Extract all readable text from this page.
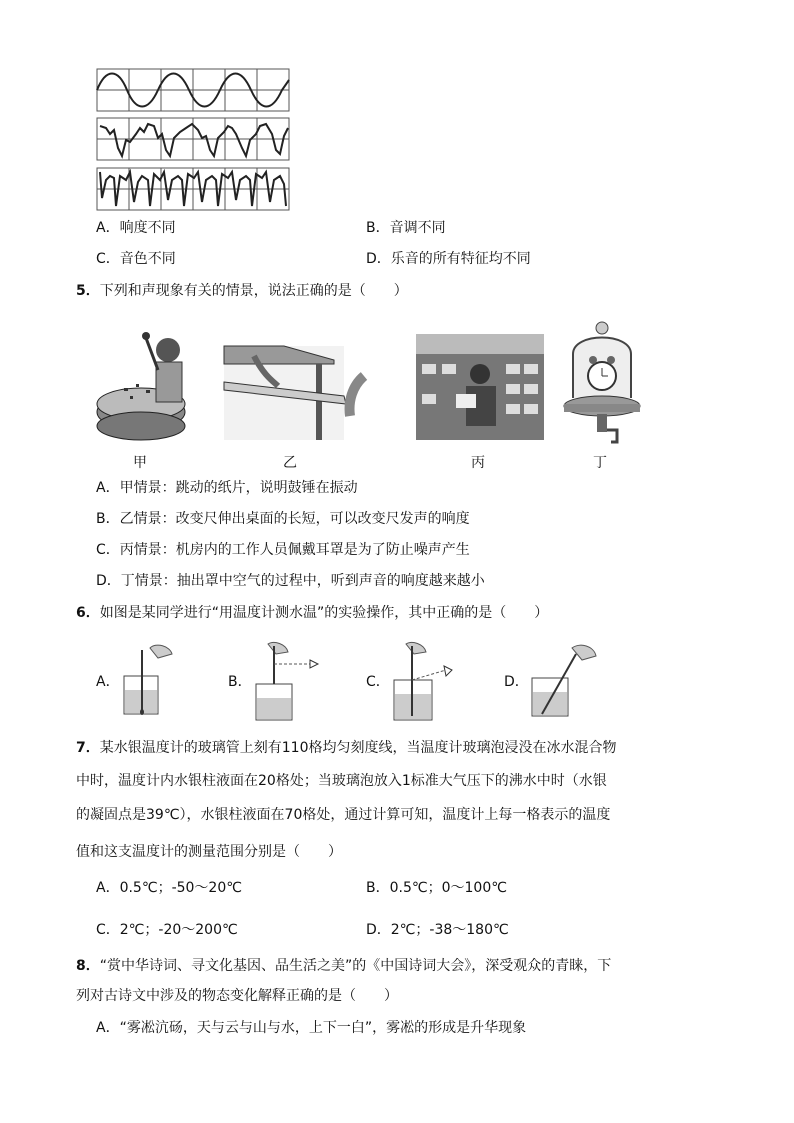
A．响度不同	B．音调不同
C．音色不同	D．乐音的所有特征均不同
5．下列和声现象有关的情景，说法正确的是（　　）
甲	乙	丙	丁
A．甲情景：跳动的纸片，说明鼓锤在振动
B．乙情景：改变尺伸出桌面的长短，可以改变尺发声的响度
C．丙情景：机房内的工作人员佩戴耳罩是为了防止噪声产生
D．丁情景：抽出罩中空气的过程中，听到声音的响度越来越小
6．如图是某同学进行“用温度计测水温”的实验操作，其中正确的是（　　）
A．	B．	C．	D．
7．某水银温度计的玻璃管上刻有110格均匀刻度线，当温度计玻璃泡浸没在冰水混合物
中时，温度计内水银柱液面在20格处；当玻璃泡放入1标准大气压下的沸水中时（水银
的凝固点是39℃），水银柱液面在70格处，通过计算可知，温度计上每一格表示的温度
值和这支温度计的测量范围分别是（　　）
A．0.5℃；-50～20℃	B．0.5℃；0～100℃
C．2℃；-20～200℃	D．2℃；-38～180℃
8．“赏中华诗词、寻文化基因、品生活之美”的《中国诗词大会》，深受观众的青睐，下
列对古诗文中涉及的物态变化解释正确的是（　　）
A．“雾凇沆砀，天与云与山与水，上下一白”，雾凇的形成是升华现象
